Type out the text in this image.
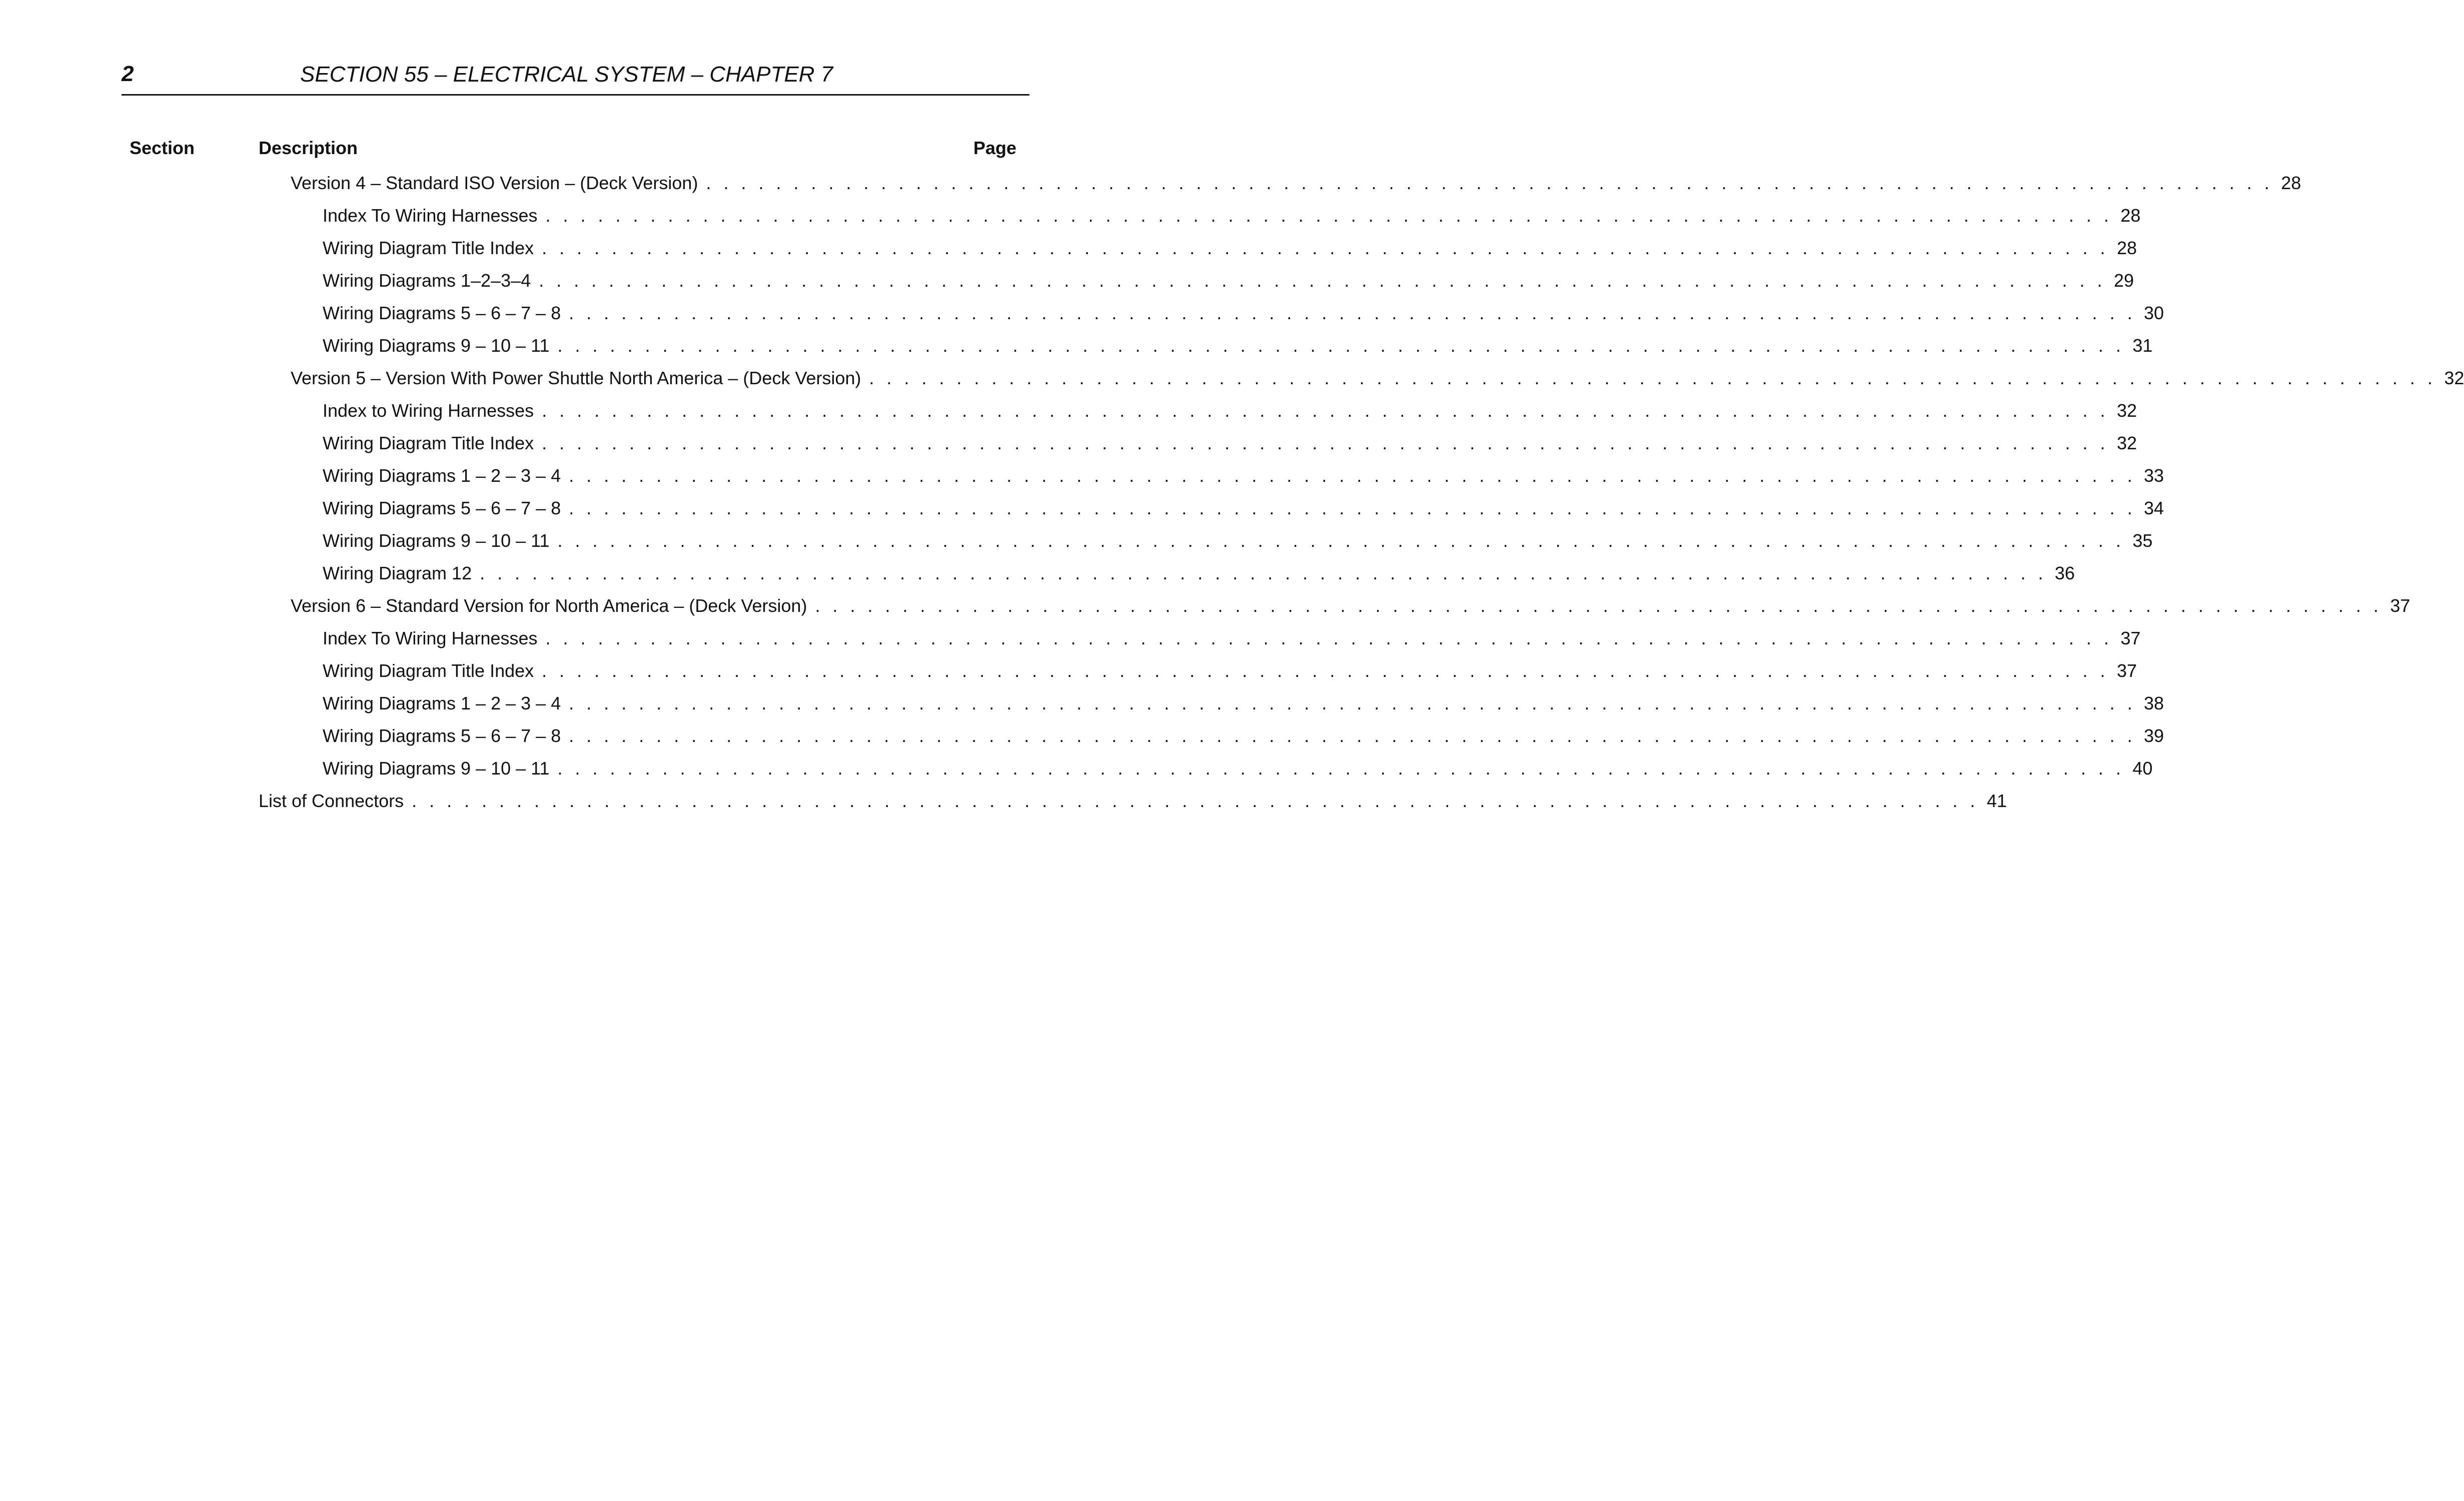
2	SECTION 55 – ELECTRICAL SYSTEM – CHAPTER 7
Section	Description	Page
Version 4 – Standard ISO Version – (Deck Version) . . . . . . . . . . . . . . . . . . . . . . . . . . . . . . . . . . . . . . . . . . . . . . . . . . . . . . . . . . . . . . . . . . . . . . . . . . . . . . . . . . . . . . . . . . 28
Index To Wiring Harnesses . . . . . . . . . . . . . . . . . . . . . . . . . . . . . . . . . . . . . . . . . . . . . . . . . . . . . . . . . . . . . . . . . . . . . . . . . . . . . . . . . . . . . . . . . . 28
Wiring Diagram Title Index . . . . . . . . . . . . . . . . . . . . . . . . . . . . . . . . . . . . . . . . . . . . . . . . . . . . . . . . . . . . . . . . . . . . . . . . . . . . . . . . . . . . . . . . . . 28
Wiring Diagrams 1–2–3–4 . . . . . . . . . . . . . . . . . . . . . . . . . . . . . . . . . . . . . . . . . . . . . . . . . . . . . . . . . . . . . . . . . . . . . . . . . . . . . . . . . . . . . . . . . . 29
Wiring Diagrams 5 – 6 – 7 – 8 . . . . . . . . . . . . . . . . . . . . . . . . . . . . . . . . . . . . . . . . . . . . . . . . . . . . . . . . . . . . . . . . . . . . . . . . . . . . . . . . . . . . . . . . . . 30
Wiring Diagrams 9 – 10 – 11 . . . . . . . . . . . . . . . . . . . . . . . . . . . . . . . . . . . . . . . . . . . . . . . . . . . . . . . . . . . . . . . . . . . . . . . . . . . . . . . . . . . . . . . . . . 31
Version 5 – Version With Power Shuttle North America – (Deck Version) . . . . . . . . . . . . . . . . . . . . . . . . . . . . . . . . . . . . . . . . . . . . . . . . . . . . . . . . . . . . . . . . . . . . . . . . . . . . . . . . . . . . . . . . . . 32
Index to Wiring Harnesses . . . . . . . . . . . . . . . . . . . . . . . . . . . . . . . . . . . . . . . . . . . . . . . . . . . . . . . . . . . . . . . . . . . . . . . . . . . . . . . . . . . . . . . . . . 32
Wiring Diagram Title Index . . . . . . . . . . . . . . . . . . . . . . . . . . . . . . . . . . . . . . . . . . . . . . . . . . . . . . . . . . . . . . . . . . . . . . . . . . . . . . . . . . . . . . . . . . 32
Wiring Diagrams 1 – 2 – 3 – 4 . . . . . . . . . . . . . . . . . . . . . . . . . . . . . . . . . . . . . . . . . . . . . . . . . . . . . . . . . . . . . . . . . . . . . . . . . . . . . . . . . . . . . . . . . . 33
Wiring Diagrams 5 – 6 – 7 – 8 . . . . . . . . . . . . . . . . . . . . . . . . . . . . . . . . . . . . . . . . . . . . . . . . . . . . . . . . . . . . . . . . . . . . . . . . . . . . . . . . . . . . . . . . . . 34
Wiring Diagrams 9 – 10 – 11 . . . . . . . . . . . . . . . . . . . . . . . . . . . . . . . . . . . . . . . . . . . . . . . . . . . . . . . . . . . . . . . . . . . . . . . . . . . . . . . . . . . . . . . . . . 35
Wiring Diagram 12 . . . . . . . . . . . . . . . . . . . . . . . . . . . . . . . . . . . . . . . . . . . . . . . . . . . . . . . . . . . . . . . . . . . . . . . . . . . . . . . . . . . . . . . . . . 36
Version 6 – Standard Version for North America – (Deck Version) . . . . . . . . . . . . . . . . . . . . . . . . . . . . . . . . . . . . . . . . . . . . . . . . . . . . . . . . . . . . . . . . . . . . . . . . . . . . . . . . . . . . . . . . . . 37
Index To Wiring Harnesses . . . . . . . . . . . . . . . . . . . . . . . . . . . . . . . . . . . . . . . . . . . . . . . . . . . . . . . . . . . . . . . . . . . . . . . . . . . . . . . . . . . . . . . . . . 37
Wiring Diagram Title Index . . . . . . . . . . . . . . . . . . . . . . . . . . . . . . . . . . . . . . . . . . . . . . . . . . . . . . . . . . . . . . . . . . . . . . . . . . . . . . . . . . . . . . . . . . 37
Wiring Diagrams 1 – 2 – 3 – 4 . . . . . . . . . . . . . . . . . . . . . . . . . . . . . . . . . . . . . . . . . . . . . . . . . . . . . . . . . . . . . . . . . . . . . . . . . . . . . . . . . . . . . . . . . . 38
Wiring Diagrams 5 – 6 – 7 – 8 . . . . . . . . . . . . . . . . . . . . . . . . . . . . . . . . . . . . . . . . . . . . . . . . . . . . . . . . . . . . . . . . . . . . . . . . . . . . . . . . . . . . . . . . . . 39
Wiring Diagrams 9 – 10 – 11 . . . . . . . . . . . . . . . . . . . . . . . . . . . . . . . . . . . . . . . . . . . . . . . . . . . . . . . . . . . . . . . . . . . . . . . . . . . . . . . . . . . . . . . . . . 40
List of Connectors . . . . . . . . . . . . . . . . . . . . . . . . . . . . . . . . . . . . . . . . . . . . . . . . . . . . . . . . . . . . . . . . . . . . . . . . . . . . . . . . . . . . . . . . . . 41
